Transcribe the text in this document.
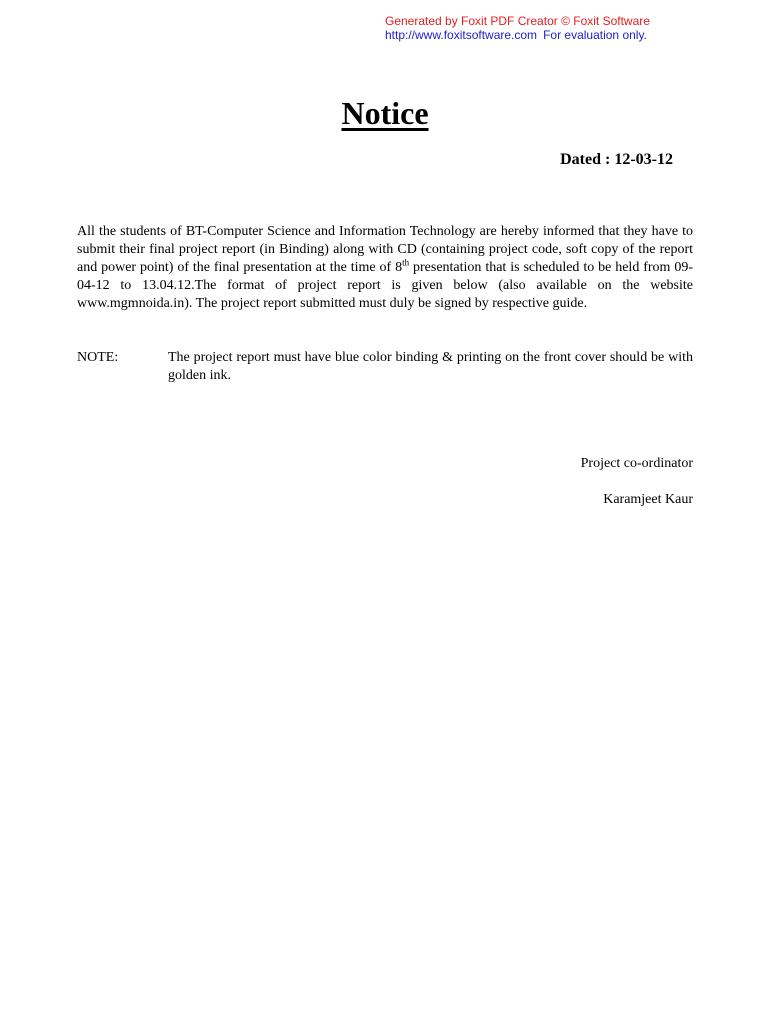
Generated by Foxit PDF Creator © Foxit Software
http://www.foxitsoftware.com For evaluation only.
Notice
Dated : 12-03-12
All the students of BT-Computer Science and Information Technology are hereby informed that they have to submit their final project report (in Binding) along with CD (containing project code, soft copy of the report and power point) of the final presentation at the time of 8th presentation that is scheduled to be held from 09-04-12 to 13.04.12.The format of project report is given below (also available on the website www.mgmnoida.in). The project report submitted must duly be signed by respective guide.
NOTE:	The project report must have blue color binding & printing on the front cover should be with golden ink.
Project co-ordinator
Karamjeet Kaur
